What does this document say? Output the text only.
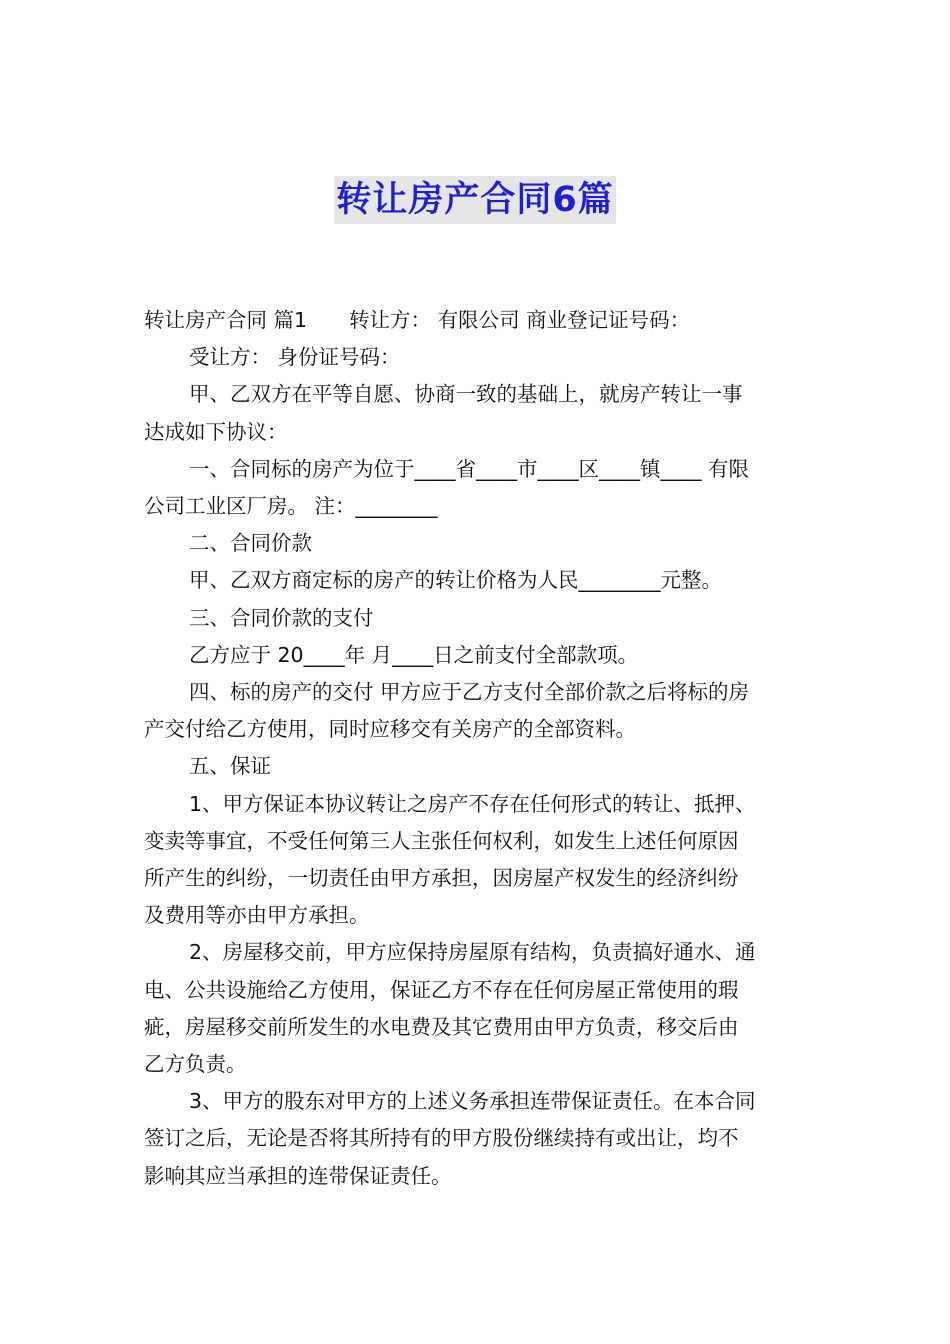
转让房产合同6篇

转让房产合同 篇1 转让方： 有限公司 商业登记证号码：

受让方： 身份证号码：

甲、乙双方在平等自愿、协商一致的基础上，就房产转让一事
达成如下协议：

一、合同标的房产为位于____省____市____区____镇____ 有限
公司工业区厂房。 注：________

二、合同价款

甲、乙双方商定标的房产的转让价格为人民________元整。

三、合同价款的支付

乙方应于 20____年 月____日之前支付全部款项。

四、标的房产的交付 甲方应于乙方支付全部价款之后将标的房
产交付给乙方使用，同时应移交有关房产的全部资料。

五、保证

1、甲方保证本协议转让之房产不存在任何形式的转让、抵押、
变卖等事宜，不受任何第三人主张任何权利，如发生上述任何原因
所产生的纠纷，一切责任由甲方承担，因房屋产权发生的经济纠纷
及费用等亦由甲方承担。

2、房屋移交前，甲方应保持房屋原有结构，负责搞好通水、通
电、公共设施给乙方使用，保证乙方不存在任何房屋正常使用的瑕
疵，房屋移交前所发生的水电费及其它费用由甲方负责，移交后由
乙方负责。

3、甲方的股东对甲方的上述义务承担连带保证责任。在本合同
签订之后，无论是否将其所持有的甲方股份继续持有或出让，均不
影响其应当承担的连带保证责任。
